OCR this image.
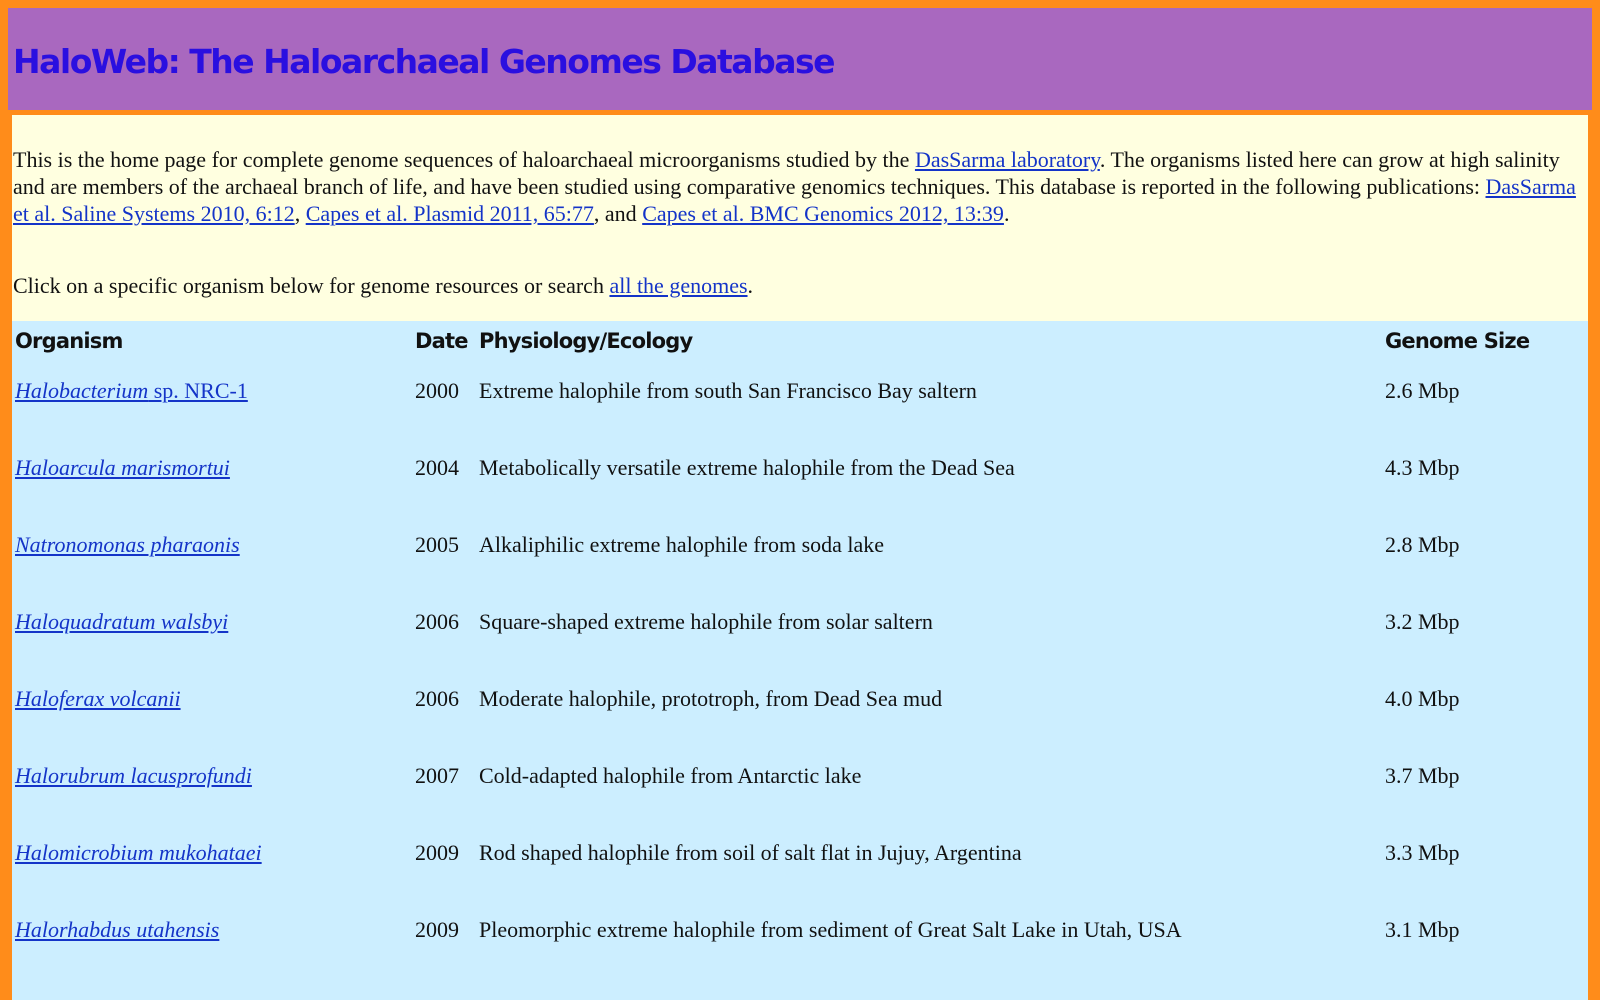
HaloWeb: The Haloarchaeal Genomes Database

This is the home page for complete genome sequences of haloarchaeal microorganisms studied by the DasSarma laboratory. The organisms listed here can grow at high salinity and are members of the archaeal branch of life, and have been studied using comparative genomics techniques. This database is reported in the following publications: DasSarma et al. Saline Systems 2010, 6:12, Capes et al. Plasmid 2011, 65:77, and Capes et al. BMC Genomics 2012, 13:39.

Click on a specific organism below for genome resources or search all the genomes.

Organism	Date Physiology/Ecology	Genome Size
Halobacterium sp. NRC-1	2000 Extreme halophile from south San Francisco Bay saltern	2.6 Mbp
Haloarcula marismortui	2004 Metabolically versatile extreme halophile from the Dead Sea	4.3 Mbp
Natronomonas pharaonis	2005 Alkaliphilic extreme halophile from soda lake	2.8 Mbp
Haloquadratum walsbyi	2006 Square-shaped extreme halophile from solar saltern	3.2 Mbp
Haloferax volcanii	2006 Moderate halophile, prototroph, from Dead Sea mud	4.0 Mbp
Halorubrum lacusprofundi	2007 Cold-adapted halophile from Antarctic lake	3.7 Mbp
Halomicrobium mukohataei	2009 Rod shaped halophile from soil of salt flat in Jujuy, Argentina	3.3 Mbp
Halorhabdus utahensis	2009 Pleomorphic extreme halophile from sediment of Great Salt Lake in Utah, USA	3.1 Mbp
